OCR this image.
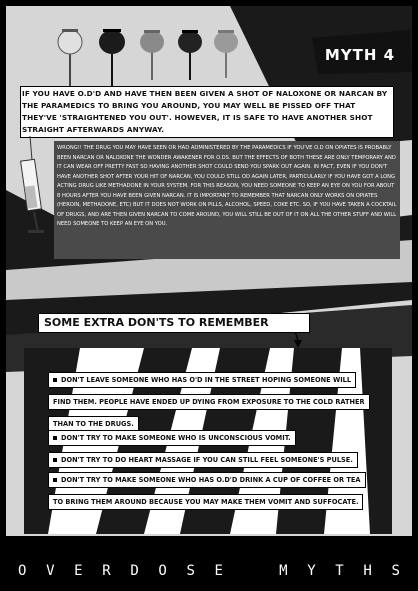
MYTH 4
IF YOU HAVE O.D'D AND HAVE THEN BEEN GIVEN A SHOT OF NALOXONE OR NARCAN BY THE PARAMEDICS TO BRING YOU AROUND, YOU MAY WELL BE PISSED OFF THAT THEY'VE 'STRAIGHTENED YOU OUT'. HOWEVER, IT IS SAFE TO HAVE ANOTHER SHOT STRAIGHT AFTERWARDS ANYWAY.
WRONG!! THE DRUG YOU MAY HAVE SEEN OR HAD ADMINISTERED BY THE PARAMEDICS IF YOU'VE O.D ON OPIATES IS PROBABLY BEEN NARCAN OR NALOXONE THE WONDER AWAKENER FOR O.DS. BUT THE EFFECTS OF BOTH THESE ARE ONLY TEMPORARY AND IT CAN WEAR OFF PRETTY FAST SO HAVING ANOTHER SHOT COULD SEND YOU SPARK OUT AGAIN. IN FACT, EVEN IF YOU DON'T HAVE ANOTHER SHOT AFTER YOUR HIT OF NARCAN, YOU COULD STILL OD AGAIN LATER, PARTICULARLY IF YOU HAVE GOT A LONG ACTING DRUG LIKE METHADONE IN YOUR SYSTEM. FOR THIS REASON, YOU NEED SOMEONE TO KEEP AN EYE ON YOU FOR ABOUT 8 HOURS AFTER YOU HAVE BEEN GIVEN NARCAN. IT IS IMPORTANT TO REMEMBER THAT NARCAN ONLY WORKS ON OPIATES (HEROIN, METHADONE, ETC) BUT IT DOES NOT WORK ON PILLS, ALCOHOL, SPEED, COKE ETC. SO, IF YOU HAVE TAKEN A COCKTAIL OF DRUGS, AND ARE THEN GIVEN NARCAN TO COME AROUND, YOU WILL STILL BE OUT OF IT ON ALL THE OTHER STUFF AND WILL NEED SOMEONE TO KEEP AN EYE ON YOU.
SOME EXTRA DON'TS TO REMEMBER
DON'T LEAVE SOMEONE WHO HAS O'D IN THE STREET HOPING SOMEONE WILL
FIND THEM. PEOPLE HAVE ENDED UP DYING FROM EXPOSURE TO THE COLD RATHER
THAN TO THE DRUGS.
DON'T TRY TO MAKE SOMEONE WHO IS UNCONSCIOUS VOMIT.
DON'T TRY TO DO HEART MASSAGE IF YOU CAN STILL FEEL SOMEONE'S PULSE.
DON'T TRY TO MAKE SOMEONE WHO HAS O.D'D DRINK A CUP OF COFFEE OR TEA
TO BRING THEM AROUND BECAUSE YOU MAY MAKE THEM VOMIT AND SUFFOCATE.
O V E R D O S E
	M Y T H S
